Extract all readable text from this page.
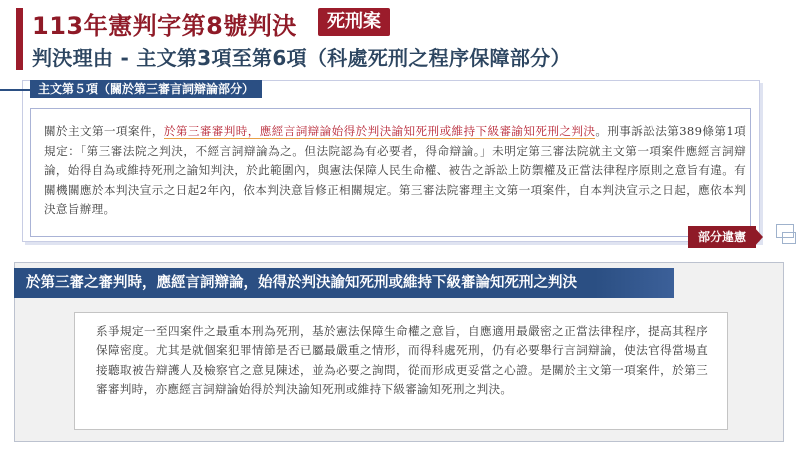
113年憲判字第8號判決	死刑案
判決理由 - 主文第3項至第6項（科處死刑之程序保障部分）
主文第５項（關於第三審言詞辯論部分）
關於主文第一項案件，於第三審審判時，應經言詞辯論始得於判決諭知死刑或維持下級審諭知死刑之判決。刑事訴訟法第389條第1項規定：「第三審法院之判決，不經言詞辯論為之。但法院認為有必要者，得命辯論。」未明定第三審法院就主文第一項案件應經言詞辯論，始得自為或維持死刑之諭知判決，於此範圍內，與憲法保障人民生命權、被告之訴訟上防禦權及正當法律程序原則之意旨有違。有關機關應於本判決宣示之日起2年內，依本判決意旨修正相關規定。第三審法院審理主文第一項案件，自本判決宣示之日起，應依本判決意旨辦理。
部分違憲
於第三審之審判時，應經言詞辯論，始得於判決諭知死刑或維持下級審論知死刑之判決
系爭規定一至四案件之最重本刑為死刑，基於憲法保障生命權之意旨，自應適用最嚴密之正當法律程序，提高其程序保障密度。尤其是就個案犯罪情節是否已屬最嚴重之情形，而得科處死刑，仍有必要舉行言詞辯論，使法官得當場直接聽取被告辯護人及檢察官之意見陳述，並為必要之詢問，從而形成更妥當之心證。是關於主文第一項案件，於第三審審判時，亦應經言詞辯論始得於判決諭知死刑或維持下級審諭知死刑之判決。
